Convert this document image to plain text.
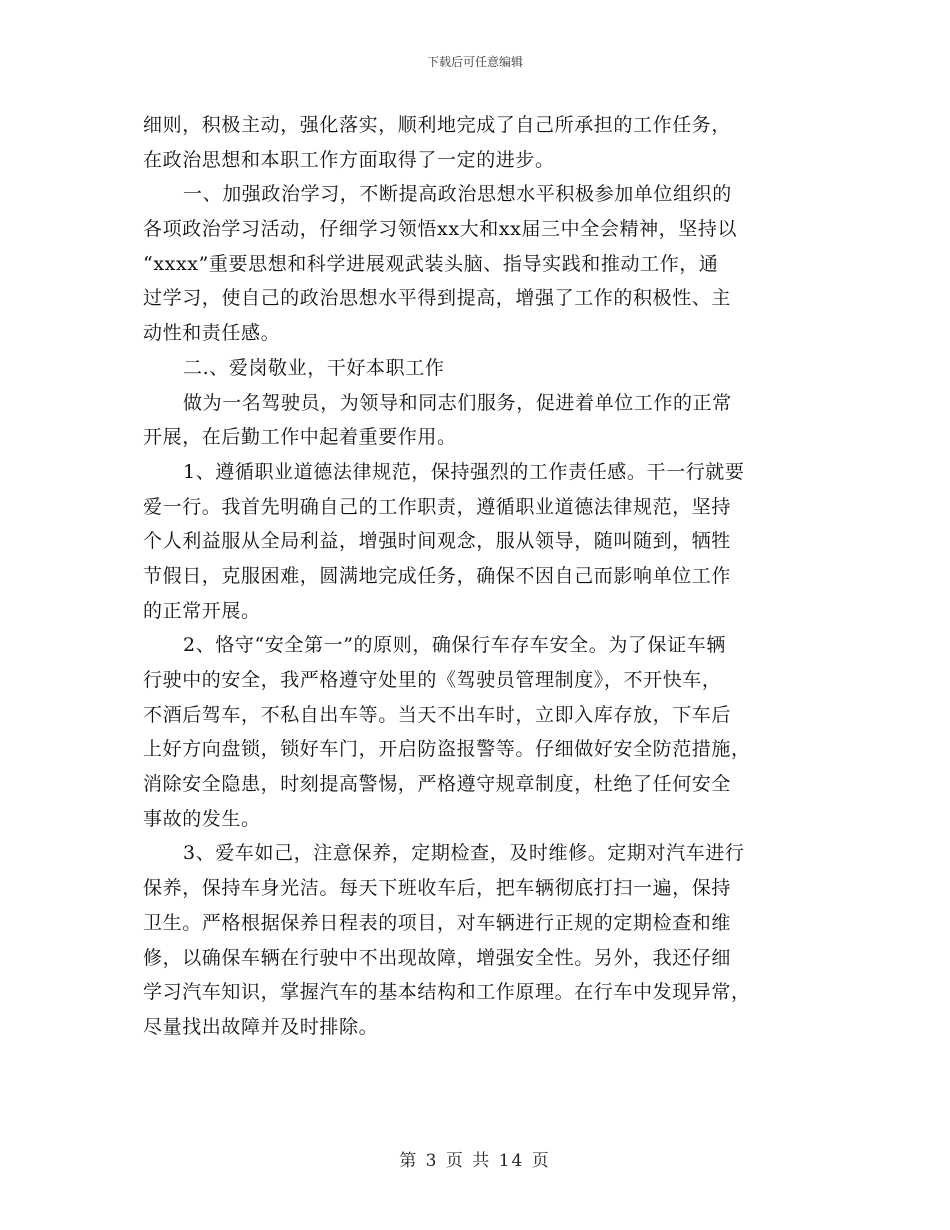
下载后可任意编辑
细则，积极主动，强化落实，顺利地完成了自己所承担的工作任务，
在政治思想和本职工作方面取得了一定的进步。
一、加强政治学习，不断提高政治思想水平积极参加单位组织的
各项政治学习活动，仔细学习领悟xx大和xx届三中全会精神，坚持以
“xxxx”重要思想和科学进展观武装头脑、指导实践和推动工作，通
过学习，使自己的政治思想水平得到提高，增强了工作的积极性、主
动性和责任感。
二.、爱岗敬业，干好本职工作
做为一名驾驶员，为领导和同志们服务，促进着单位工作的正常
开展，在后勤工作中起着重要作用。
1、遵循职业道德法律规范，保持强烈的工作责任感。干一行就要
爱一行。我首先明确自己的工作职责，遵循职业道德法律规范，坚持
个人利益服从全局利益，增强时间观念，服从领导，随叫随到，牺牲
节假日，克服困难，圆满地完成任务，确保不因自己而影响单位工作
的正常开展。
2、恪守“安全第一”的原则，确保行车存车安全。为了保证车辆
行驶中的安全，我严格遵守处里的《驾驶员管理制度》，不开快车，
不酒后驾车，不私自出车等。当天不出车时，立即入库存放，下车后
上好方向盘锁，锁好车门，开启防盗报警等。仔细做好安全防范措施，
消除安全隐患，时刻提高警惕，严格遵守规章制度，杜绝了任何安全
事故的发生。
3、爱车如己，注意保养，定期检查，及时维修。定期对汽车进行
保养，保持车身光洁。每天下班收车后，把车辆彻底打扫一遍，保持
卫生。严格根据保养日程表的项目，对车辆进行正规的定期检查和维
修，以确保车辆在行驶中不出现故障，增强安全性。另外，我还仔细
学习汽车知识，掌握汽车的基本结构和工作原理。在行车中发现异常，
尽量找出故障并及时排除。
第 3 页 共 14 页
